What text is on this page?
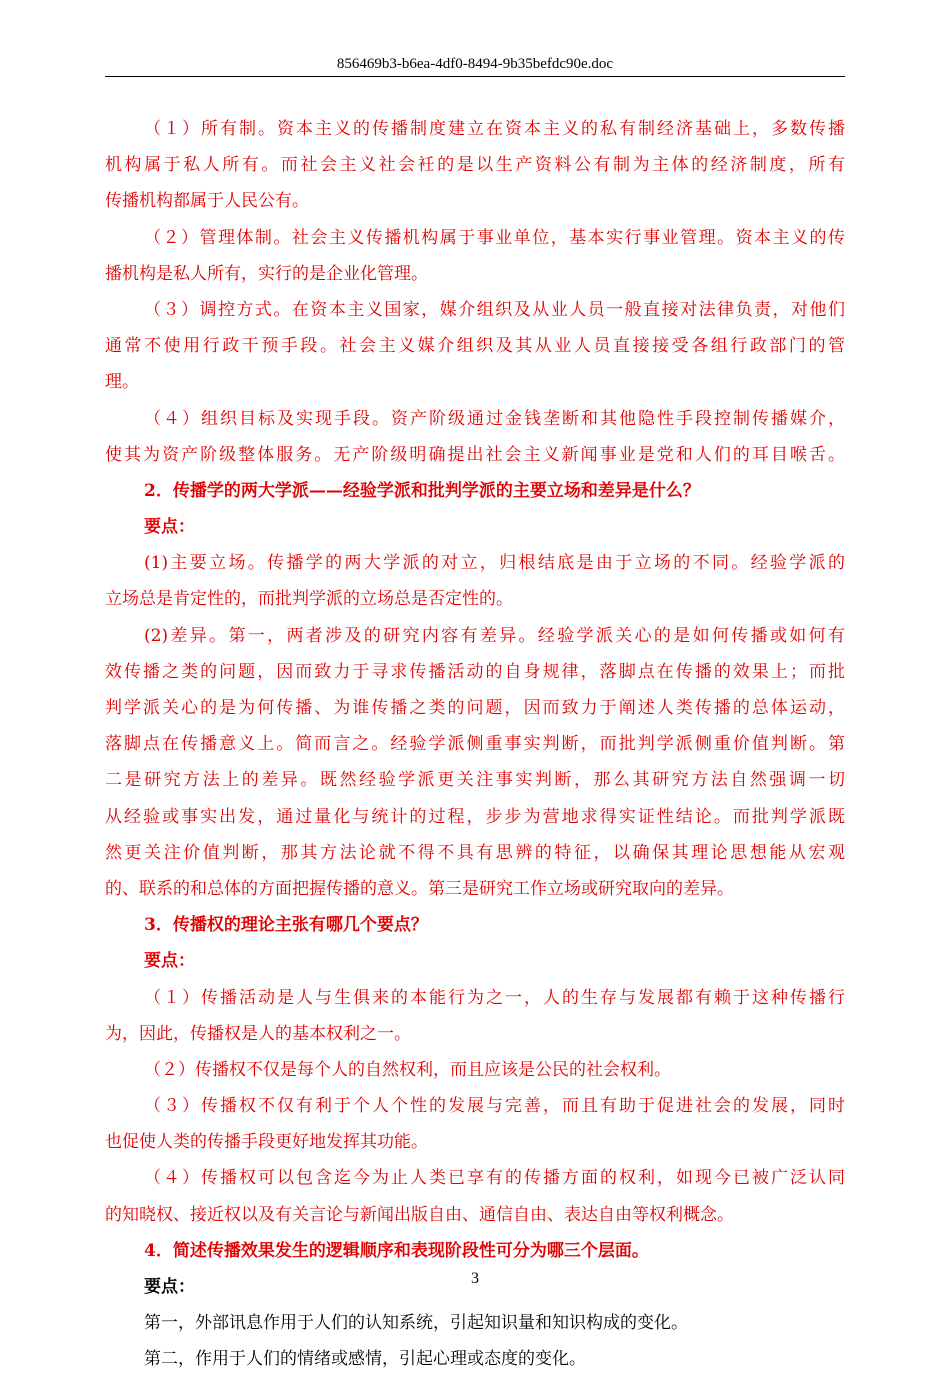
856469b3-b6ea-4df0-8494-9b35befdc90e.doc
（１）所有制。资本主义的传播制度建立在资本主义的私有制经济基础上，多数传播
机构属于私人所有。而社会主义社会衽的是以生产资料公有制为主体的经济制度，所有
传播机构都属于人民公有。
（２）管理体制。社会主义传播机构属于事业单位，基本实行事业管理。资本主义的传
播机构是私人所有，实行的是企业化管理。
（３）调控方式。在资本主义国家，媒介组织及从业人员一般直接对法律负责，对他们
通常不使用行政干预手段。社会主义媒介组织及其从业人员直接接受各组行政部门的管
理。
（４）组织目标及实现手段。资产阶级通过金钱垄断和其他隐性手段控制传播媒介，
使其为资产阶级整体服务。无产阶级明确提出社会主义新闻事业是党和人们的耳目喉舌。
2．传播学的两大学派——经验学派和批判学派的主要立场和差异是什么？
要点：
(1)主要立场。传播学的两大学派的对立，归根结底是由于立场的不同。经验学派的
立场总是肯定性的，而批判学派的立场总是否定性的。
(2)差异。第一，两者涉及的研究内容有差异。经验学派关心的是如何传播或如何有
效传播之类的问题，因而致力于寻求传播活动的自身规律，落脚点在传播的效果上；而批
判学派关心的是为何传播、为谁传播之类的问题，因而致力于阐述人类传播的总体运动，
落脚点在传播意义上。简而言之。经验学派侧重事实判断，而批判学派侧重价值判断。第
二是研究方法上的差异。既然经验学派更关注事实判断，那么其研究方法自然强调一切
从经验或事实出发，通过量化与统计的过程，步步为营地求得实证性结论。而批判学派既
然更关注价值判断，那其方法论就不得不具有思辨的特征，以确保其理论思想能从宏观
的、联系的和总体的方面把握传播的意义。第三是研究工作立场或研究取向的差异。
3．传播权的理论主张有哪几个要点？
要点：
（１）传播活动是人与生俱来的本能行为之一，人的生存与发展都有赖于这种传播行
为，因此，传播权是人的基本权利之一。
（２）传播权不仅是每个人的自然权利，而且应该是公民的社会权利。
（３）传播权不仅有利于个人个性的发展与完善，而且有助于促进社会的发展，同时
也促使人类的传播手段更好地发挥其功能。
（４）传播权可以包含迄今为止人类已享有的传播方面的权利，如现今已被广泛认同
的知晓权、接近权以及有关言论与新闻出版自由、通信自由、表达自由等权利概念。
4．简述传播效果发生的逻辑顺序和表现阶段性可分为哪三个层面。
要点：
第一，外部讯息作用于人们的认知系统，引起知识量和知识构成的变化。
第二，作用于人们的情绪或感情，引起心理或态度的变化。
3
